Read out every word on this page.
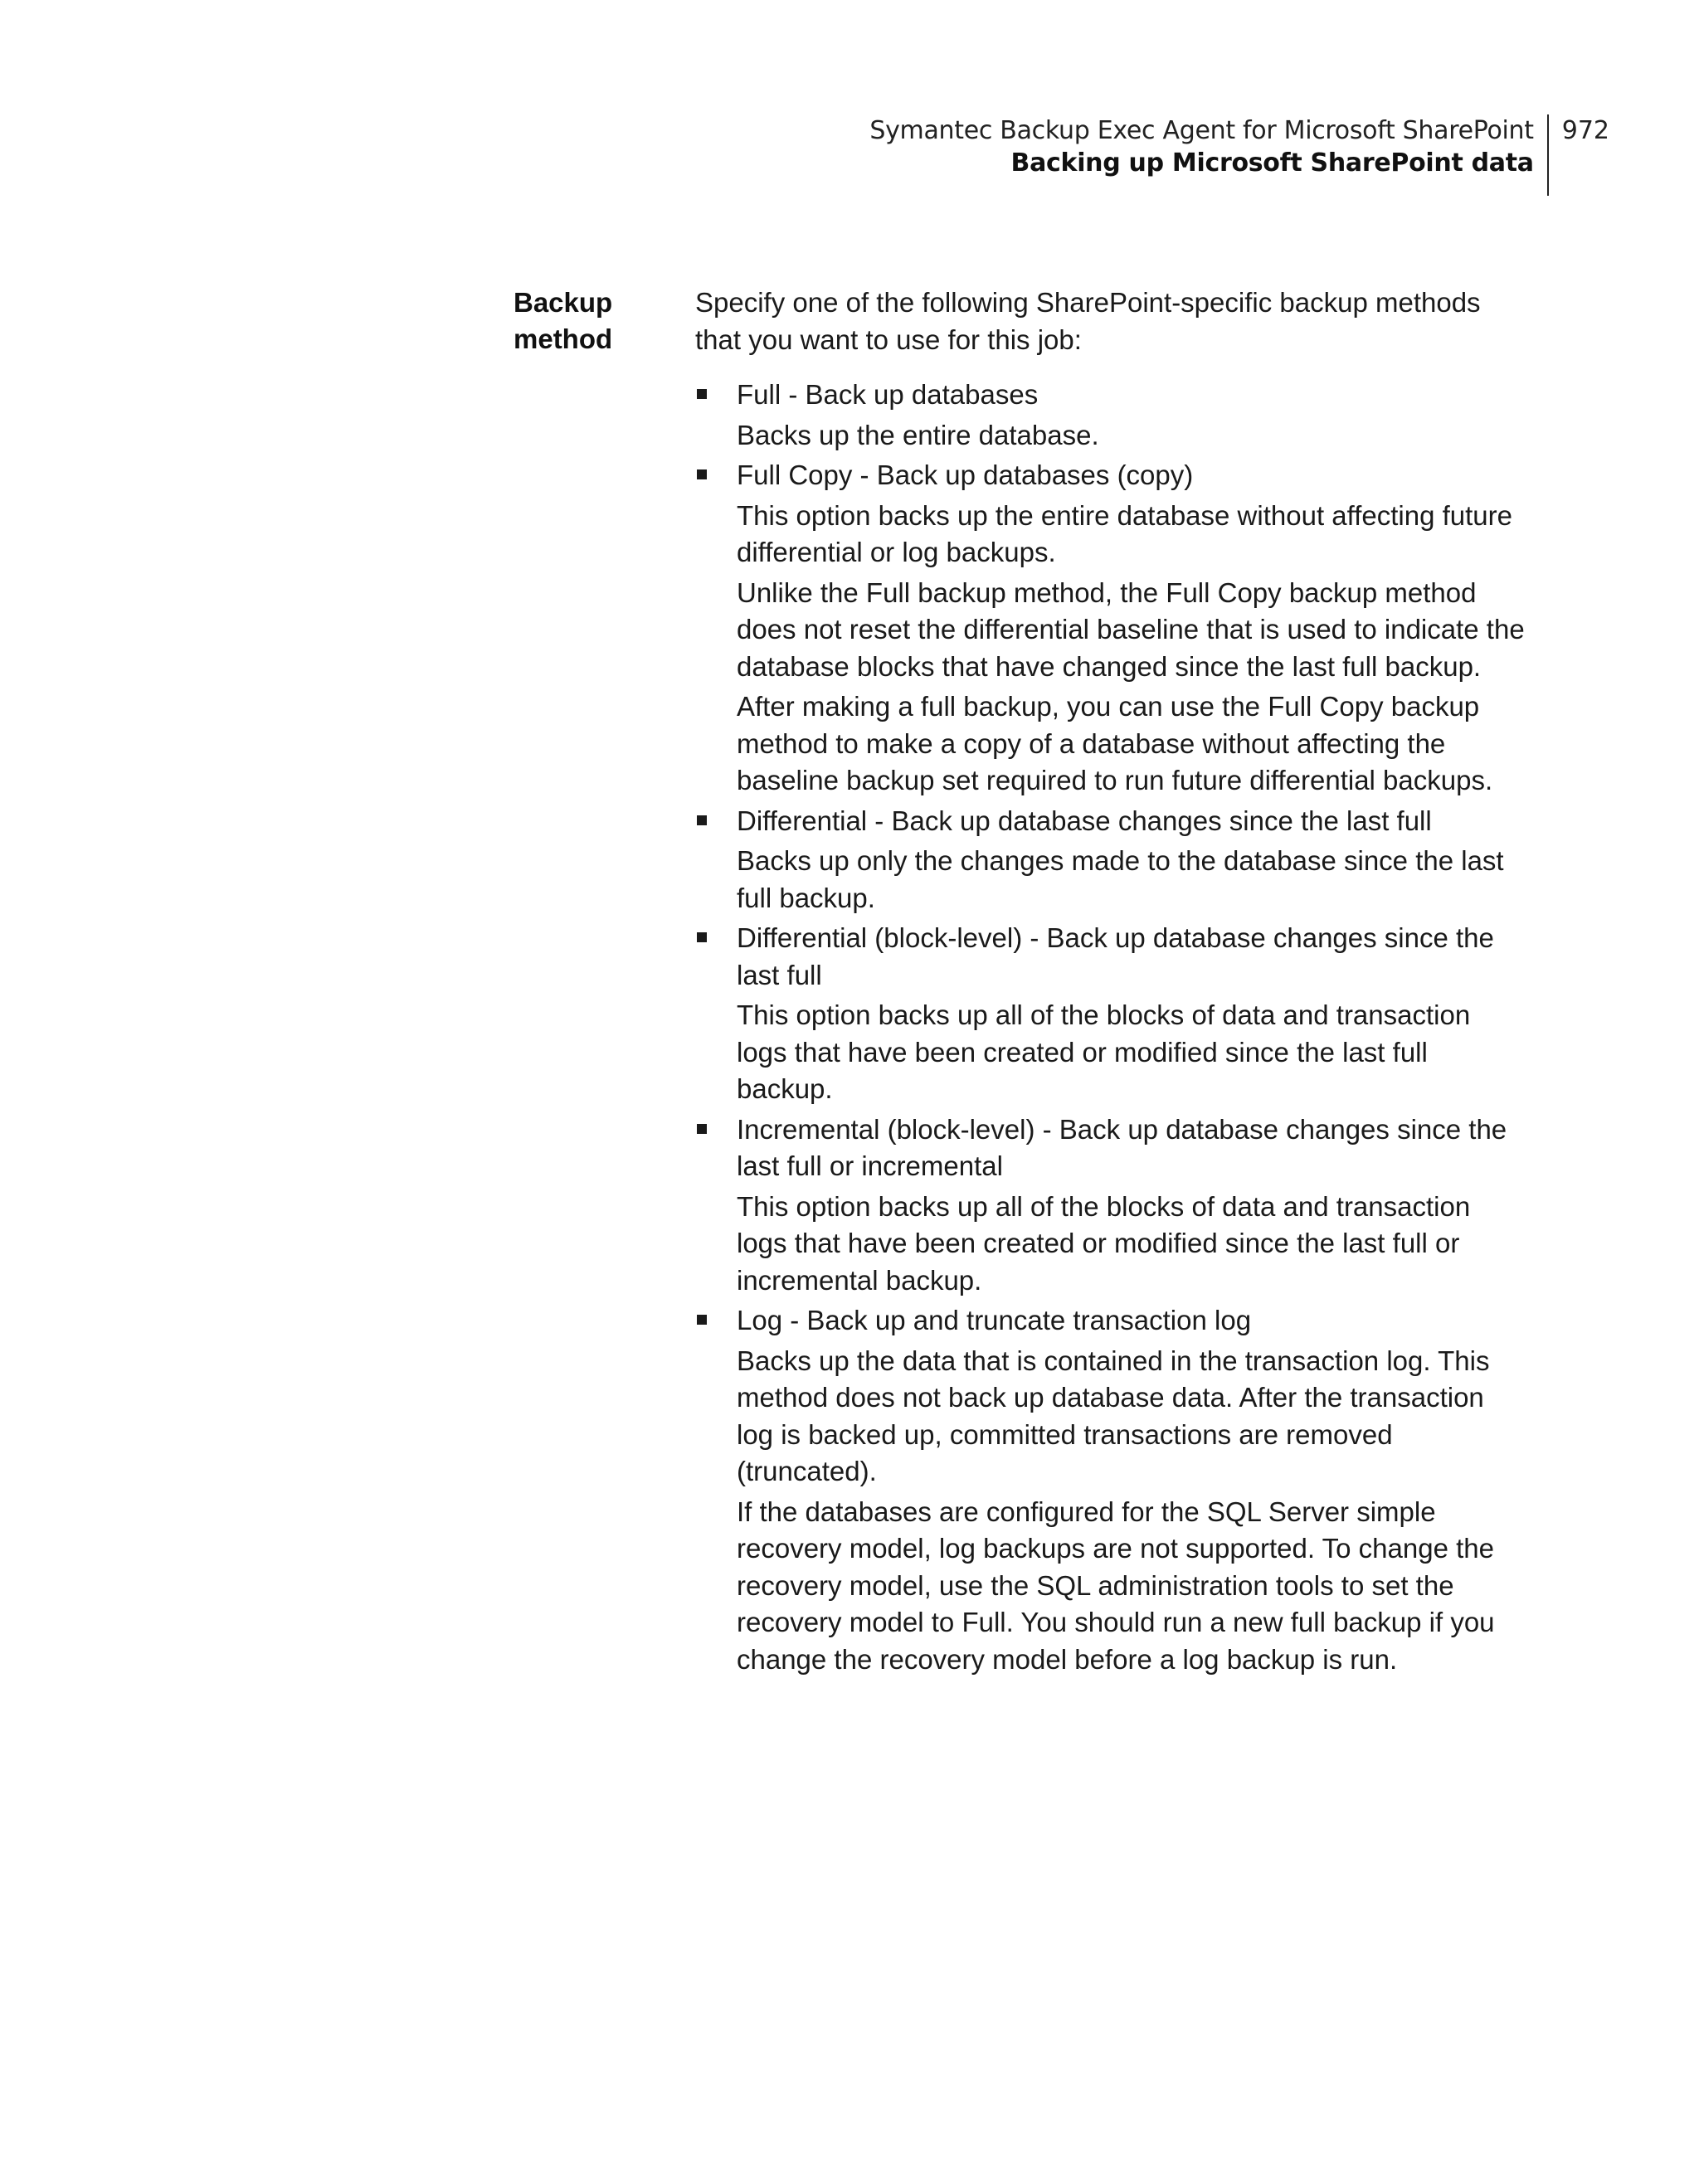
Symantec Backup Exec Agent for Microsoft SharePoint
Backing up Microsoft SharePoint data
972
Backup method

Specify one of the following SharePoint-specific backup methods that you want to use for this job:

Full - Back up databases

Backs up the entire database.

Full Copy - Back up databases (copy)

This option backs up the entire database without affecting future differential or log backups.

Unlike the Full backup method, the Full Copy backup method does not reset the differential baseline that is used to indicate the database blocks that have changed since the last full backup.

After making a full backup, you can use the Full Copy backup method to make a copy of a database without affecting the baseline backup set required to run future differential backups.

Differential - Back up database changes since the last full

Backs up only the changes made to the database since the last full backup.

Differential (block-level) - Back up database changes since the last full

This option backs up all of the blocks of data and transaction logs that have been created or modified since the last full backup.

Incremental (block-level) - Back up database changes since the last full or incremental

This option backs up all of the blocks of data and transaction logs that have been created or modified since the last full or incremental backup.

Log - Back up and truncate transaction log

Backs up the data that is contained in the transaction log. This method does not back up database data. After the transaction log is backed up, committed transactions are removed (truncated).

If the databases are configured for the SQL Server simple recovery model, log backups are not supported. To change the recovery model, use the SQL administration tools to set the recovery model to Full. You should run a new full backup if you change the recovery model before a log backup is run.
